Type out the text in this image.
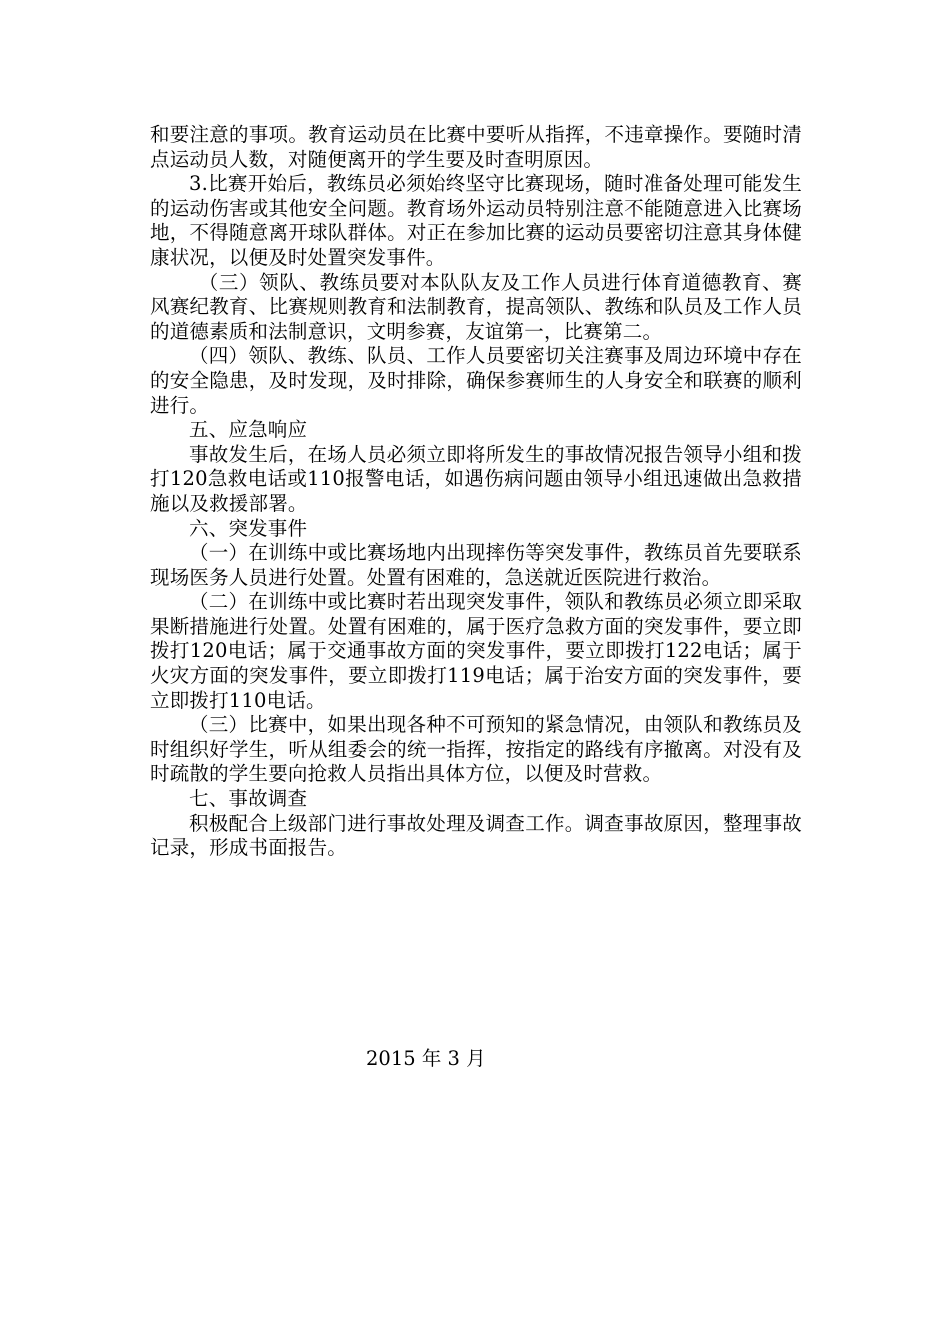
和要注意的事项。教育运动员在比赛中要听从指挥，不违章操作。要随时清点运动员人数，对随便离开的学生要及时查明原因。

3.比赛开始后，教练员必须始终坚守比赛现场，随时准备处理可能发生的运动伤害或其他安全问题。教育场外运动员特别注意不能随意进入比赛场地，不得随意离开球队群体。对正在参加比赛的运动员要密切注意其身体健康状况，以便及时处置突发事件。

（三）领队、教练员要对本队队友及工作人员进行体育道德教育、赛风赛纪教育、比赛规则教育和法制教育，提高领队、教练和队员及工作人员的道德素质和法制意识，文明参赛，友谊第一，比赛第二。

（四）领队、教练、队员、工作人员要密切关注赛事及周边环境中存在的安全隐患，及时发现，及时排除，确保参赛师生的人身安全和联赛的顺利进行。

五、应急响应

事故发生后，在场人员必须立即将所发生的事故情况报告领导小组和拨打120急救电话或110报警电话，如遇伤病问题由领导小组迅速做出急救措施以及救援部署。

六、突发事件

（一）在训练中或比赛场地内出现摔伤等突发事件，教练员首先要联系现场医务人员进行处置。处置有困难的，急送就近医院进行救治。

（二）在训练中或比赛时若出现突发事件，领队和教练员必须立即采取果断措施进行处置。处置有困难的，属于医疗急救方面的突发事件，要立即拨打120电话；属于交通事故方面的突发事件，要立即拨打122电话；属于火灾方面的突发事件，要立即拨打119电话；属于治安方面的突发事件，要立即拨打110电话。

（三）比赛中，如果出现各种不可预知的紧急情况，由领队和教练员及时组织好学生，听从组委会的统一指挥，按指定的路线有序撤离。对没有及时疏散的学生要向抢救人员指出具体方位，以便及时营救。

七、事故调查

积极配合上级部门进行事故处理及调查工作。调查事故原因，整理事故记录，形成书面报告。

2015 年 3 月
